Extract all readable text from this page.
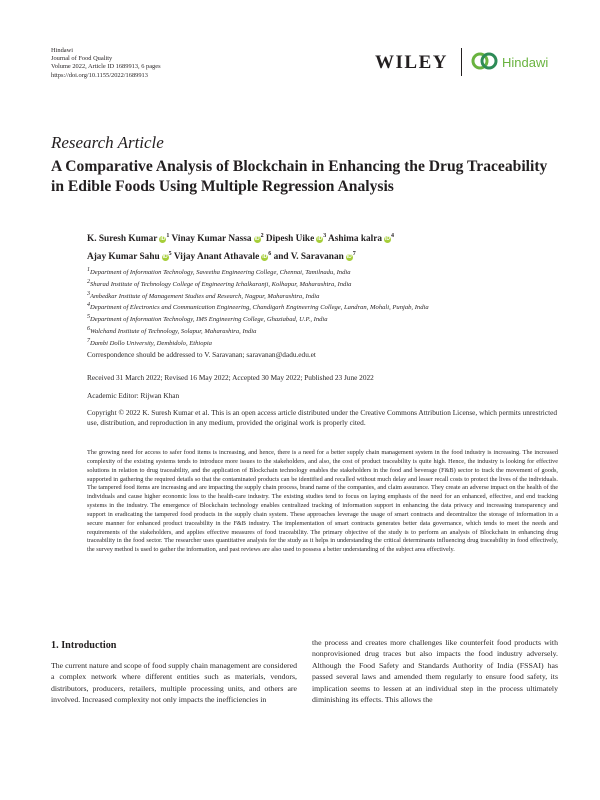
Hindawi
Journal of Food Quality
Volume 2022, Article ID 1689913, 6 pages
https://doi.org/10.1155/2022/1689913
WILEY	Hindawi
Research Article
A Comparative Analysis of Blockchain in Enhancing the Drug Traceability in Edible Foods Using Multiple Regression Analysis
K. Suresh Kumar $iD^1$ Vinay Kumar Nassa $iD^2$ Dipesh Uike $iD^3$ Ashima kalra $iD^4$
Ajay Kumar Sahu $iD^5$ Vijay Anant Athavale $iD^6$ and V. Saravanan $iD^7$
$^1$Department of Information Technology, Saveetha Engineering College, Chennai, Tamilnadu, India
$^2$Sharad Institute of Technology College of Engineering Ichalkaranji, Kolhapur, Maharashtra, India
$^3$Ambedkar Institute of Management Studies and Research, Nagpur, Maharashtra, India
$^4$Department of Electronics and Communication Engineering, Chandigarh Engineering College, Landran, Mohali, Punjab, India
$^5$Department of Information Technology, IMS Engineering College, Ghaziabad, U.P., India
$^6$Walchand Institute of Technology, Solapur, Maharashtra, India
$^7$Dambi Dollo University, Dembidolo, Ethiopia
Correspondence should be addressed to V. Saravanan; saravanan@dadu.edu.et
Received 31 March 2022; Revised 16 May 2022; Accepted 30 May 2022; Published 23 June 2022
Academic Editor: Rijwan Khan
Copyright © 2022 K. Suresh Kumar et al. This is an open access article distributed under the Creative Commons Attribution License, which permits unrestricted use, distribution, and reproduction in any medium, provided the original work is properly cited.
The growing need for access to safer food items is increasing, and hence, there is a need for a better supply chain management system in the food industry is increasing. The increased complexity of the existing systems tends to introduce more issues to the stakeholders, and also, the cost of product traceability is quite high. Hence, the industry is looking for effective solutions in relation to drug traceability, and the application of Blockchain technology enables the stakeholders in the food and beverage (F&B) sector to track the movement of goods, supported in gathering the required details so that the contaminated products can be identified and recalled without much delay and lesser recall costs to protect the lives of the individuals. The tampered food items are increasing and are impacting the supply chain process, brand name of the companies, and claim assurance. They create an adverse impact on the health of the individuals and cause higher economic loss to the health-care industry. The existing studies tend to focus on laying emphasis of the need for an enhanced, effective, and end tracking systems in the industry. The emergence of Blockchain technology enables centralized tracking of information support in enhancing the data privacy and increasing transparency and support in eradicating the tampered food products in the supply chain system. These approaches leverage the usage of smart contracts and decentralize the storage of information in a secure manner for enhanced product traceability in the F&B industry. The implementation of smart contracts generates better data governance, which tends to meet the needs and requirements of the stakeholders, and applies effective measures of food traceability. The primary objective of the study is to perform an analysis of Blockchain in enhancing drug traceability in the food sector. The researcher uses quantitative analysis for the study as it helps in understanding the critical determinants influencing drug traceability in food effectively, the survey method is used to gather the information, and past reviews are also used to possess a better understanding of the subject area effectively.
1. Introduction
The current nature and scope of food supply chain management are considered a complex network where different entities such as materials, vendors, distributors, producers, retailers, multiple processing units, and others are involved. Increased complexity not only impacts the inefficiencies in
the process and creates more challenges like counterfeit food products with nonprovisioned drug traces but also impacts the food industry adversely. Although the Food Safety and Standards Authority of India (FSSAI) has passed several laws and amended them regularly to ensure food safety, its implication seems to lessen at an individual step in the process ultimately diminishing its effects. This allows the
